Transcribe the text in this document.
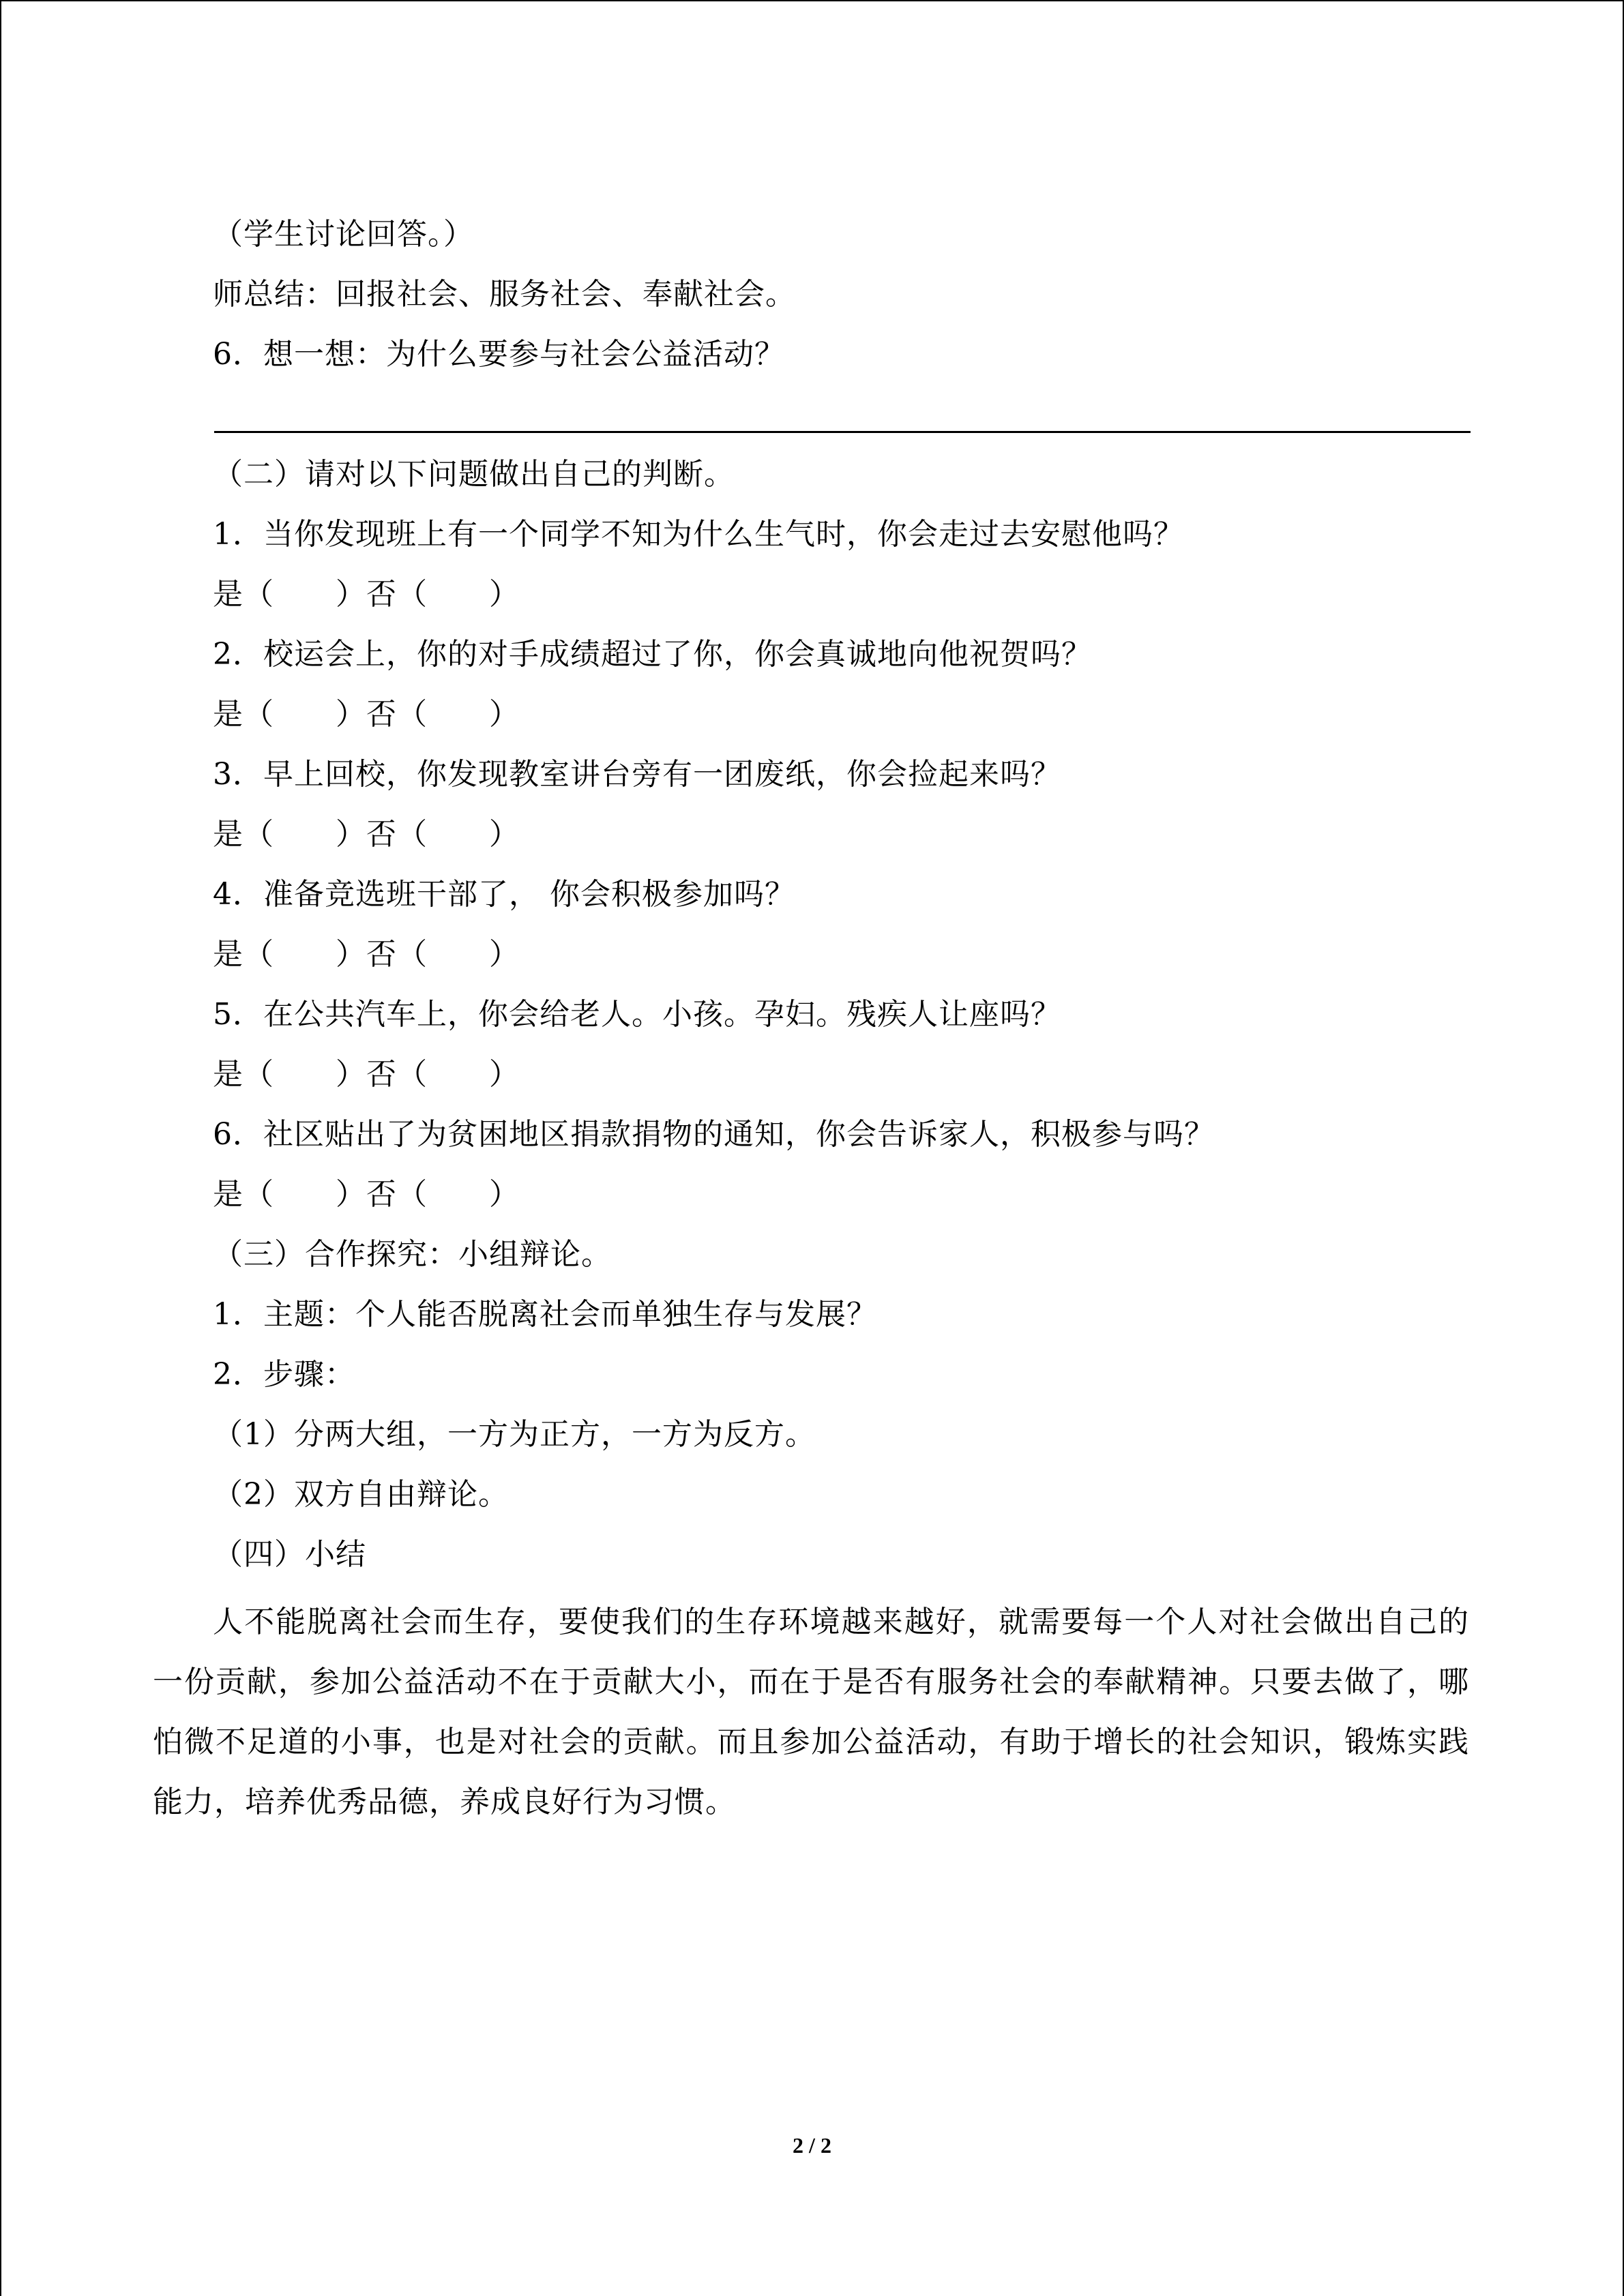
（学生讨论回答。）
师总结：回报社会、服务社会、奉献社会。
6．想一想：为什么要参与社会公益活动？
（二）请对以下问题做出自己的判断。
1．当你发现班上有一个同学不知为什么生气时，你会走过去安慰他吗？
是（　　）否（　　）
2．校运会上，你的对手成绩超过了你，你会真诚地向他祝贺吗？
是（　　）否（　　）
3．早上回校，你发现教室讲台旁有一团废纸，你会捡起来吗？
是（　　）否（　　）
4．准备竞选班干部了， 你会积极参加吗？
是（　　）否（　　）
5．在公共汽车上，你会给老人。小孩。孕妇。残疾人让座吗？
是（　　）否（　　）
6．社区贴出了为贫困地区捐款捐物的通知，你会告诉家人，积极参与吗？
是（　　）否（　　）
（三）合作探究：小组辩论。
1．主题：个人能否脱离社会而单独生存与发展？
2．步骤：
（1）分两大组，一方为正方，一方为反方。
（2）双方自由辩论。
（四）小结
人不能脱离社会而生存，要使我们的生存环境越来越好，就需要每一个人对社会做出自己的一份贡献，参加公益活动不在于贡献大小，而在于是否有服务社会的奉献精神。只要去做了，哪怕微不足道的小事，也是对社会的贡献。而且参加公益活动，有助于增长的社会知识，锻炼实践能力，培养优秀品德，养成良好行为习惯。
2 / 2
